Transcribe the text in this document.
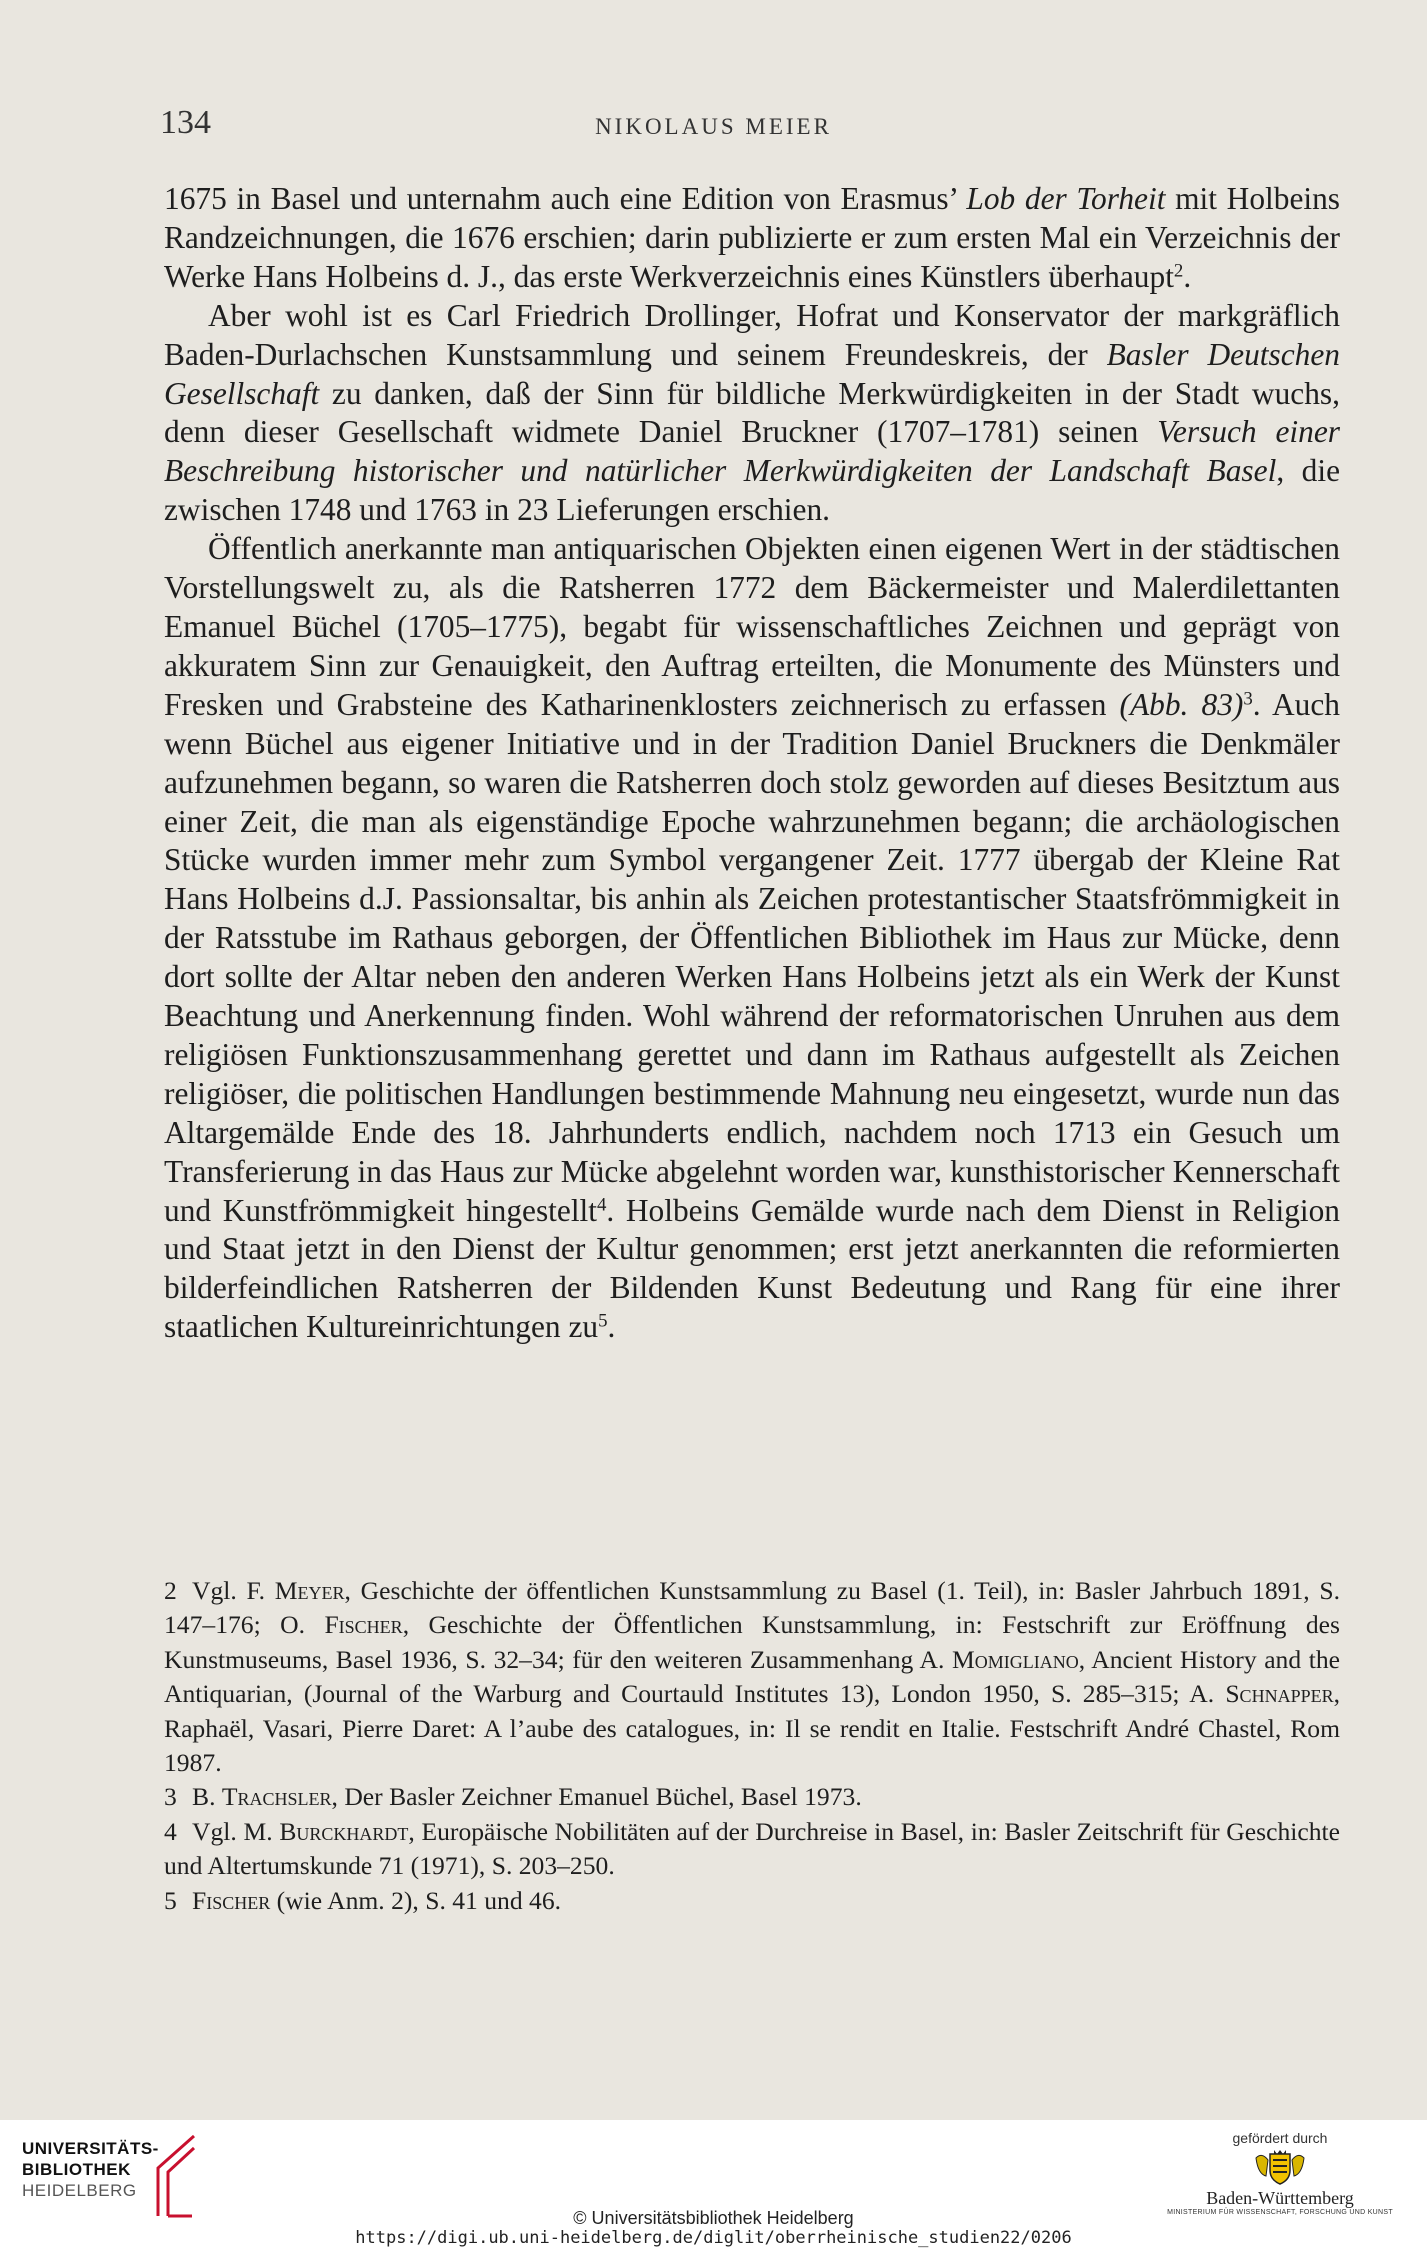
134	NIKOLAUS MEIER

1675 in Basel und unternahm auch eine Edition von Erasmus’ Lob der Torheit mit Holbeins Randzeichnungen, die 1676 erschien; darin publizierte er zum ersten Mal ein Verzeichnis der Werke Hans Holbeins d. J., das erste Werkverzeichnis eines Künstlers überhaupt$^2$.

Aber wohl ist es Carl Friedrich Drollinger, Hofrat und Konservator der markgräflich Baden-Durlachschen Kunstsammlung und seinem Freundeskreis, der Basler Deutschen Gesellschaft zu danken, daß der Sinn für bildliche Merkwürdigkeiten in der Stadt wuchs, denn dieser Gesellschaft widmete Daniel Bruckner (1707–1781) seinen Versuch einer Beschreibung historischer und natürlicher Merkwürdigkeiten der Landschaft Basel, die zwischen 1748 und 1763 in 23 Lieferungen erschien.

Öffentlich anerkannte man antiquarischen Objekten einen eigenen Wert in der städtischen Vorstellungswelt zu, als die Ratsherren 1772 dem Bäckermeister und Malerdilettanten Emanuel Büchel (1705–1775), begabt für wissenschaftliches Zeichnen und geprägt von akkuratem Sinn zur Genauigkeit, den Auftrag erteilten, die Monumente des Münsters und Fresken und Grabsteine des Katharinenklosters zeichnerisch zu erfassen (Abb. 83)$^3$. Auch wenn Büchel aus eigener Initiative und in der Tradition Daniel Bruckners die Denkmäler aufzunehmen begann, so waren die Ratsherren doch stolz geworden auf dieses Besitztum aus einer Zeit, die man als eigenständige Epoche wahrzunehmen begann; die archäologischen Stücke wurden immer mehr zum Symbol vergangener Zeit. 1777 übergab der Kleine Rat Hans Holbeins d.J. Passionsaltar, bis anhin als Zeichen protestantischer Staatsfrömmigkeit in der Ratsstube im Rathaus geborgen, der Öffentlichen Bibliothek im Haus zur Mücke, denn dort sollte der Altar neben den anderen Werken Hans Holbeins jetzt als ein Werk der Kunst Beachtung und Anerkennung finden. Wohl während der reformatorischen Unruhen aus dem religiösen Funktionszusammenhang gerettet und dann im Rathaus aufgestellt als Zeichen religiöser, die politischen Handlungen bestimmende Mahnung neu eingesetzt, wurde nun das Altargemälde Ende des 18. Jahrhunderts endlich, nachdem noch 1713 ein Gesuch um Transferierung in das Haus zur Mücke abgelehnt worden war, kunsthistorischer Kennerschaft und Kunstfrömmigkeit hingestellt$^4$. Holbeins Gemälde wurde nach dem Dienst in Religion und Staat jetzt in den Dienst der Kultur genommen; erst jetzt anerkannten die reformierten bilderfeindlichen Ratsherren der Bildenden Kunst Bedeutung und Rang für eine ihrer staatlichen Kultureinrichtungen $zu^5$.

2 Vgl. F. Meyer, Geschichte der öffentlichen Kunstsammlung zu Basel (1. Teil), in: Basler Jahrbuch 1891, S. 147–176; O. Fischer, Geschichte der Öffentlichen Kunstsammlung, in: Festschrift zur Eröffnung des Kunstmuseums, Basel 1936, S. 32–34; für den weiteren Zusammenhang A. Momigliano, Ancient History and the Antiquarian, (Journal of the Warburg and Courtauld Institutes 13), London 1950, S. 285–315; A. Schnapper, Raphaël, Vasari, Pierre Daret: A l’aube des catalogues, in: Il se rendit en Italie. Festschrift André Chastel, Rom 1987.

3 B. Trachsler, Der Basler Zeichner Emanuel Büchel, Basel 1973.

4 Vgl. M. Burckhardt, Europäische Nobilitäten auf der Durchreise in Basel, in: Basler Zeitschrift für Geschichte und Altertumskunde 71 (1971), S. 203–250.

5 Fischer (wie Anm. 2), S. 41 und 46.

UNIVERSITÄTS-
BIBLIOTHEK
HEIDELBERG
© Universitätsbibliothek Heidelberg
https://digi.ub.uni-heidelberg.de/diglit/oberrheinische_studien22/0206
gefördert durch
Baden-Württemberg
MINISTERIUM FÜR WISSENSCHAFT, FORSCHUNG UND KUNST
